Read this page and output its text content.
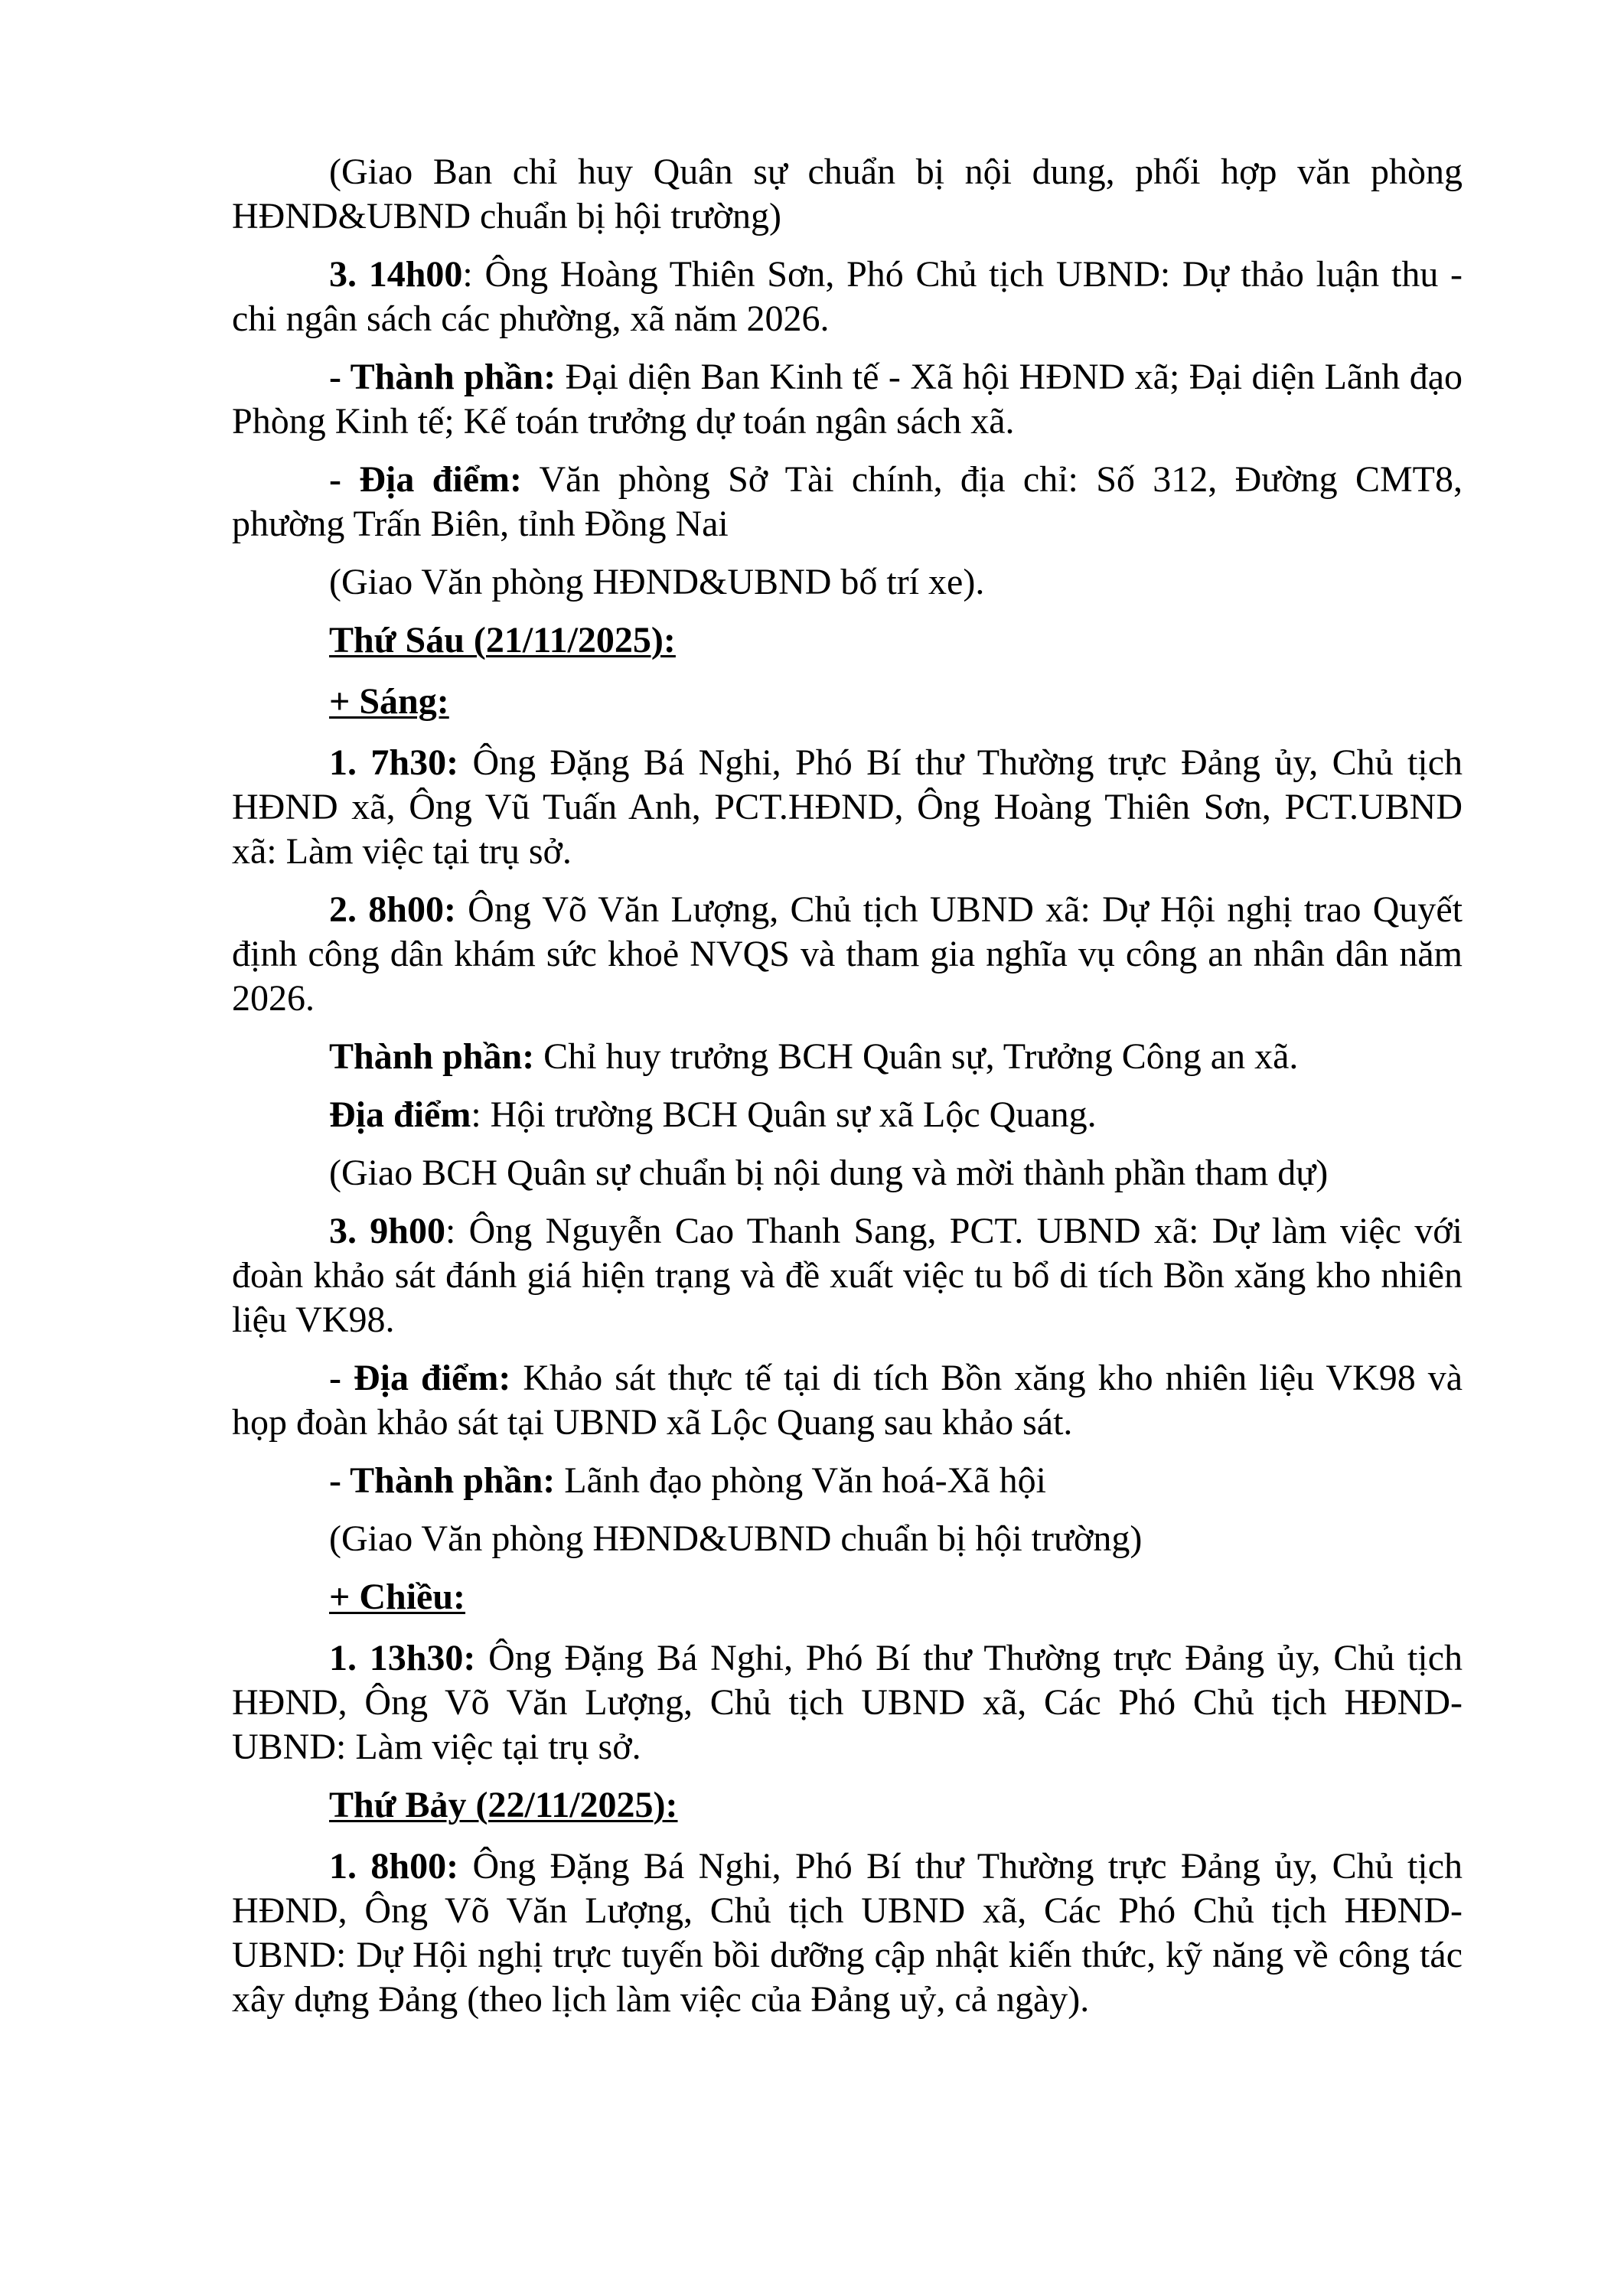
(Giao Ban chỉ huy Quân sự chuẩn bị nội dung, phối hợp văn phòng HĐND&UBND chuẩn bị hội trường)

3. 14h00: Ông Hoàng Thiên Sơn, Phó Chủ tịch UBND: Dự thảo luận thu - chi ngân sách các phường, xã năm 2026.

- Thành phần: Đại diện Ban Kinh tế - Xã hội HĐND xã; Đại diện Lãnh đạo Phòng Kinh tế; Kế toán trưởng dự toán ngân sách xã.

- Địa điểm: Văn phòng Sở Tài chính, địa chỉ: Số 312, Đường CMT8, phường Trấn Biên, tỉnh Đồng Nai

(Giao Văn phòng HĐND&UBND bố trí xe).

Thứ Sáu (21/11/2025):

+ Sáng:

1. 7h30: Ông Đặng Bá Nghi, Phó Bí thư Thường trực Đảng ủy, Chủ tịch HĐND xã, Ông Vũ Tuấn Anh, PCT.HĐND, Ông Hoàng Thiên Sơn, PCT.UBND xã: Làm việc tại trụ sở.

2. 8h00: Ông Võ Văn Lượng, Chủ tịch UBND xã: Dự Hội nghị trao Quyết định công dân khám sức khoẻ NVQS và tham gia nghĩa vụ công an nhân dân năm 2026.

Thành phần: Chỉ huy trưởng BCH Quân sự, Trưởng Công an xã.

Địa điểm: Hội trường BCH Quân sự xã Lộc Quang.

(Giao BCH Quân sự chuẩn bị nội dung và mời thành phần tham dự)

3. 9h00: Ông Nguyễn Cao Thanh Sang, PCT. UBND xã: Dự làm việc với đoàn khảo sát đánh giá hiện trạng và đề xuất việc tu bổ di tích Bồn xăng kho nhiên liệu VK98.

- Địa điểm: Khảo sát thực tế tại di tích Bồn xăng kho nhiên liệu VK98 và họp đoàn khảo sát tại UBND xã Lộc Quang sau khảo sát.

- Thành phần: Lãnh đạo phòng Văn hoá-Xã hội

(Giao Văn phòng HĐND&UBND chuẩn bị hội trường)

+ Chiều:

1. 13h30: Ông Đặng Bá Nghi, Phó Bí thư Thường trực Đảng ủy, Chủ tịch HĐND, Ông Võ Văn Lượng, Chủ tịch UBND xã, Các Phó Chủ tịch HĐND-UBND: Làm việc tại trụ sở.

Thứ Bảy (22/11/2025):

1. 8h00: Ông Đặng Bá Nghi, Phó Bí thư Thường trực Đảng ủy, Chủ tịch HĐND, Ông Võ Văn Lượng, Chủ tịch UBND xã, Các Phó Chủ tịch HĐND-UBND: Dự Hội nghị trực tuyến bồi dưỡng cập nhật kiến thức, kỹ năng về công tác xây dựng Đảng (theo lịch làm việc của Đảng uỷ, cả ngày).
